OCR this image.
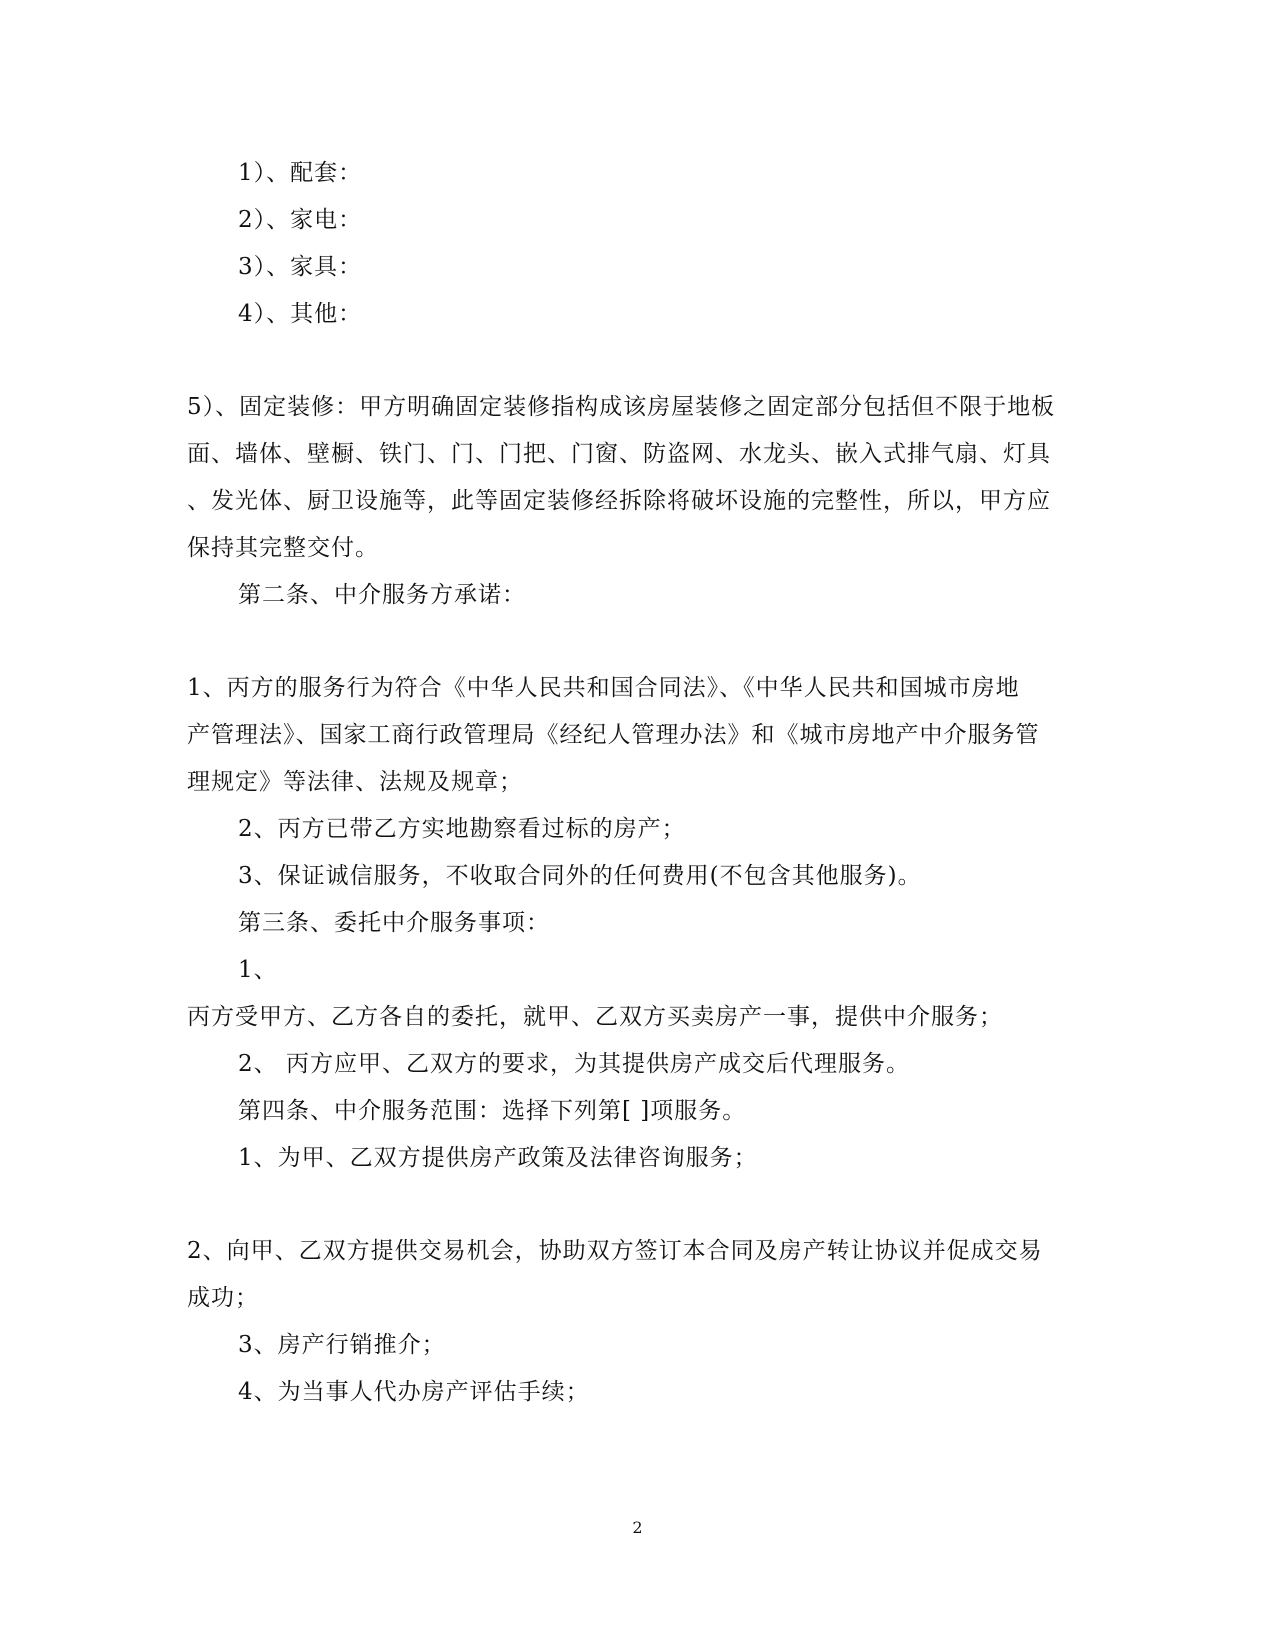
1）、配套：
2）、家电：
3）、家具：
4）、其他：
5）、固定装修：甲方明确固定装修指构成该房屋装修之固定部分包括但不限于地板
面、墙体、壁橱、铁门、门、门把、门窗、防盗网、水龙头、嵌入式排气扇、灯具
、发光体、厨卫设施等，此等固定装修经拆除将破坏设施的完整性，所以，甲方应
保持其完整交付。
第二条、中介服务方承诺：
1、丙方的服务行为符合《中华人民共和国合同法》、《中华人民共和国城市房地
产管理法》、国家工商行政管理局《经纪人管理办法》和《城市房地产中介服务管
理规定》等法律、法规及规章；
2、丙方已带乙方实地勘察看过标的房产；
3、保证诚信服务，不收取合同外的任何费用(不包含其他服务)。
第三条、委托中介服务事项：
1、
丙方受甲方、乙方各自的委托，就甲、乙双方买卖房产一事，提供中介服务；
2、 丙方应甲、乙双方的要求，为其提供房产成交后代理服务。
第四条、中介服务范围：选择下列第[ ]项服务。
1、为甲、乙双方提供房产政策及法律咨询服务；
2、向甲、乙双方提供交易机会，协助双方签订本合同及房产转让协议并促成交易
成功；
3、房产行销推介；
4、为当事人代办房产评估手续；
2
